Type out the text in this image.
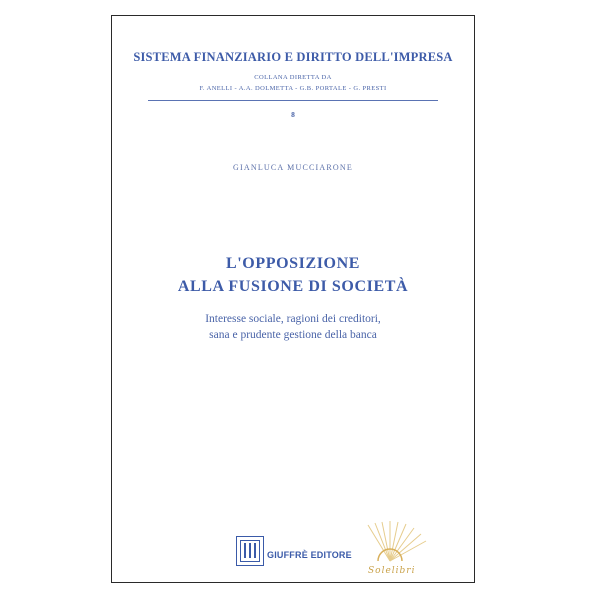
SISTEMA FINANZIARIO E DIRITTO DELL'IMPRESA
COLLANA DIRETTA DA
F. ANELLI - A.A. DOLMETTA - G.B. PORTALE - G. PRESTI
8
GIANLUCA MUCCIARONE
L'OPPOSIZIONE
ALLA FUSIONE DI SOCIETÀ
Interesse sociale, ragioni dei creditori,
sana e prudente gestione della banca
GIUFFRÈ EDITORE
Solelibri
